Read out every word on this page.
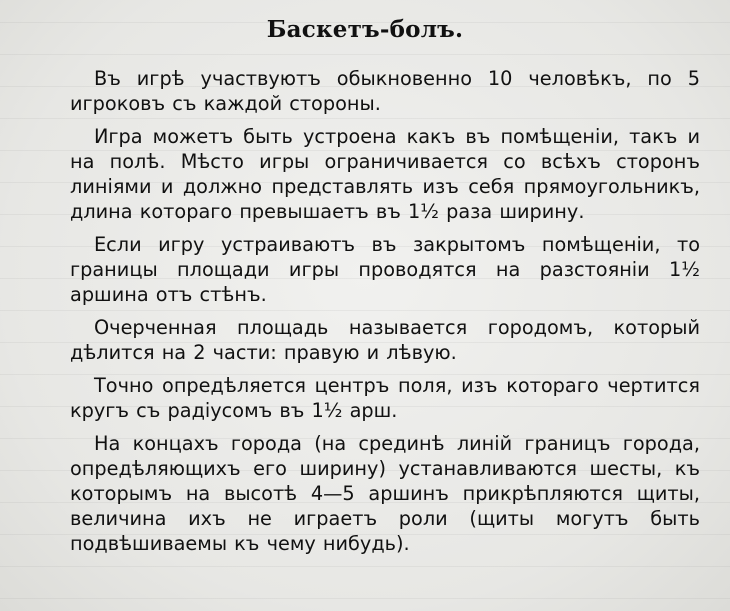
Баскетъ-болъ.

Въ игрѣ участвуютъ обыкновенно 10 человѣкъ, по 5 игроковъ съ каждой стороны.

Игра можетъ быть устроена какъ въ помѣщеніи, такъ и на полѣ. Мѣсто игры ограничивается со всѣхъ сторонъ линіями и должно представлять изъ себя прямоугольникъ, длина котораго превышаетъ въ 1½ раза ширину.

Если игру устраиваютъ въ закрытомъ помѣщеніи, то границы площади игры проводятся на разстояніи 1½ аршина отъ стѣнъ.

Очерченная площадь называется городомъ, который дѣлится на 2 части: правую и лѣвую.

Точно опредѣляется центръ поля, изъ котораго чертится кругъ съ радіусомъ въ 1½ арш.

На концахъ города (на срединѣ линій границъ города, опредѣляющихъ его ширину) устанавливаются шесты, къ которымъ на высотѣ 4—5 аршинъ прикрѣпляются щиты, величина ихъ не играетъ роли (щиты могутъ быть подвѣшиваемы къ чему нибудь).
